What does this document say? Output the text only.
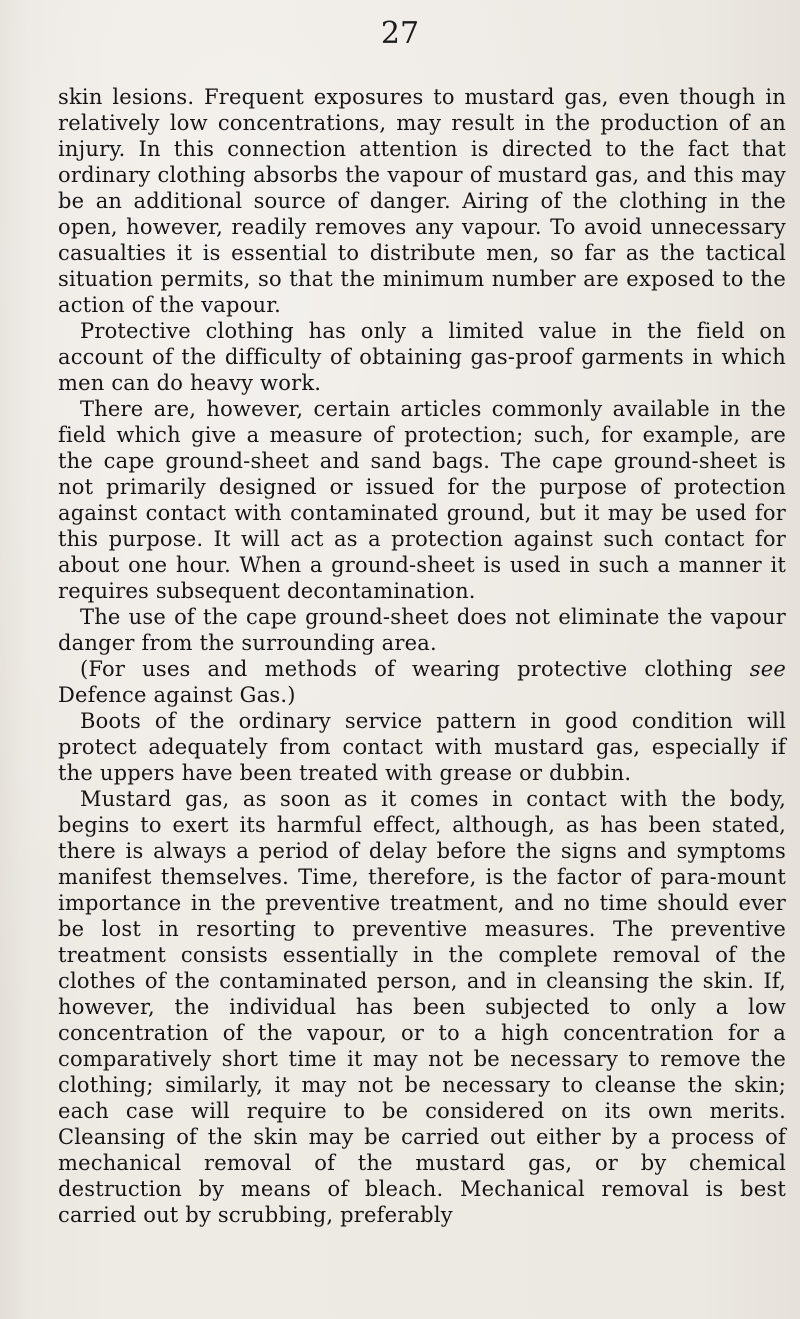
27

skin lesions. Frequent exposures to mustard gas, even though in relatively low concentrations, may result in the production of an injury. In this connection attention is directed to the fact that ordinary clothing absorbs the vapour of mustard gas, and this may be an additional source of danger. Airing of the clothing in the open, however, readily removes any vapour. To avoid unnecessary casualties it is essential to distribute men, so far as the tactical situation permits, so that the minimum number are exposed to the action of the vapour.

Protective clothing has only a limited value in the field on account of the difficulty of obtaining gas-proof garments in which men can do heavy work.

There are, however, certain articles commonly available in the field which give a measure of protection; such, for example, are the cape ground-sheet and sand bags. The cape ground-sheet is not primarily designed or issued for the purpose of protection against contact with contaminated ground, but it may be used for this purpose. It will act as a protection against such contact for about one hour. When a ground-sheet is used in such a manner it requires subsequent decontamination.

The use of the cape ground-sheet does not eliminate the vapour danger from the surrounding area.

(For uses and methods of wearing protective clothing see Defence against Gas.)

Boots of the ordinary service pattern in good condition will protect adequately from contact with mustard gas, especially if the uppers have been treated with grease or dubbin.

Mustard gas, as soon as it comes in contact with the body, begins to exert its harmful effect, although, as has been stated, there is always a period of delay before the signs and symptoms manifest themselves. Time, therefore, is the factor of para-mount importance in the preventive treatment, and no time should ever be lost in resorting to preventive measures. The preventive treatment consists essentially in the complete removal of the clothes of the contaminated person, and in cleansing the skin. If, however, the individual has been subjected to only a low concentration of the vapour, or to a high concentration for a comparatively short time it may not be necessary to remove the clothing; similarly, it may not be necessary to cleanse the skin; each case will require to be considered on its own merits. Cleansing of the skin may be carried out either by a process of mechanical removal of the mustard gas, or by chemical destruction by means of bleach. Mechanical removal is best carried out by scrubbing, preferably
